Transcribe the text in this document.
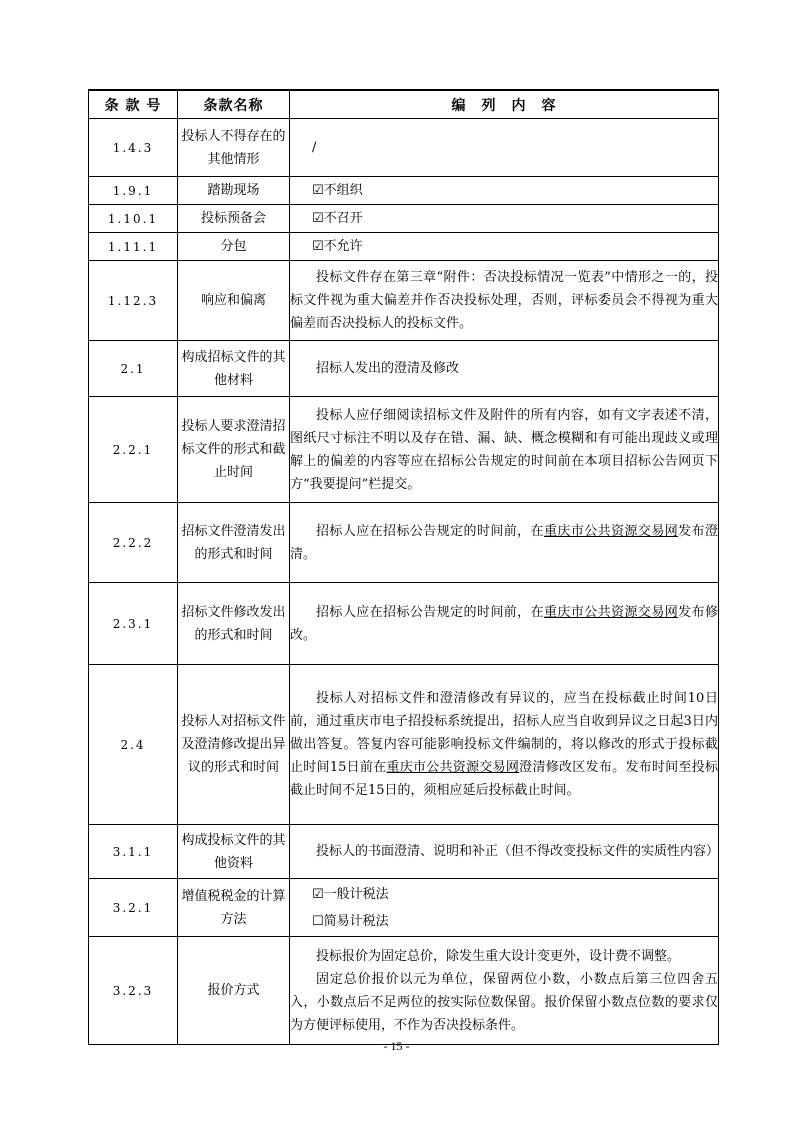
条 款 号	条款名称	编　列　内　容
1.4.3	投标人不得存在的其他情形	/
1.9.1	踏勘现场	☑不组织
1.10.1	投标预备会	☑不召开
1.11.1	分包	☑不允许
1.12.3	响应和偏离	投标文件存在第三章“附件：否决投标情况一览表”中情形之一的，投标文件视为重大偏差并作否决投标处理，否则，评标委员会不得视为重大偏差而否决投标人的投标文件。

2.1	构成招标文件的其他材料	招标人发出的澄清及修改

2.2.1	投标人要求澄清招标文件的形式和截止时间	投标人应仔细阅读招标文件及附件的所有内容，如有文字表述不清，图纸尺寸标注不明以及存在错、漏、缺、概念模糊和有可能出现歧义或理解上的偏差的内容等应在招标公告规定的时间前在本项目招标公告网页下方“我要提问”栏提交。

2.2.2	招标文件澄清发出的形式和时间	招标人应在招标公告规定的时间前，在重庆市公共资源交易网发布澄清。

2.3.1	招标文件修改发出的形式和时间	招标人应在招标公告规定的时间前，在重庆市公共资源交易网发布修改。

2.4	投标人对招标文件及澄清修改提出异议的形式和时间	投标人对招标文件和澄清修改有异议的，应当在投标截止时间10日前，通过重庆市电子招投标系统提出，招标人应当自收到异议之日起3日内做出答复。答复内容可能影响投标文件编制的，将以修改的形式于投标截止时间15日前在重庆市公共资源交易网澄清修改区发布。发布时间至投标截止时间不足15日的，须相应延后投标截止时间。

3.1.1	构成投标文件的其他资料	投标人的书面澄清、说明和补正（但不得改变投标文件的实质性内容）

3.2.1	增值税税金的计算方法	☑一般计税法
☐简易计税法

3.2.3	报价方式	投标报价为固定总价，除发生重大设计变更外，设计费不调整。

固定总价报价以元为单位，保留两位小数，小数点后第三位四舍五入，小数点后不足两位的按实际位数保留。报价保留小数点位数的要求仅为方便评标使用，不作为否决投标条件。

- 15 -
